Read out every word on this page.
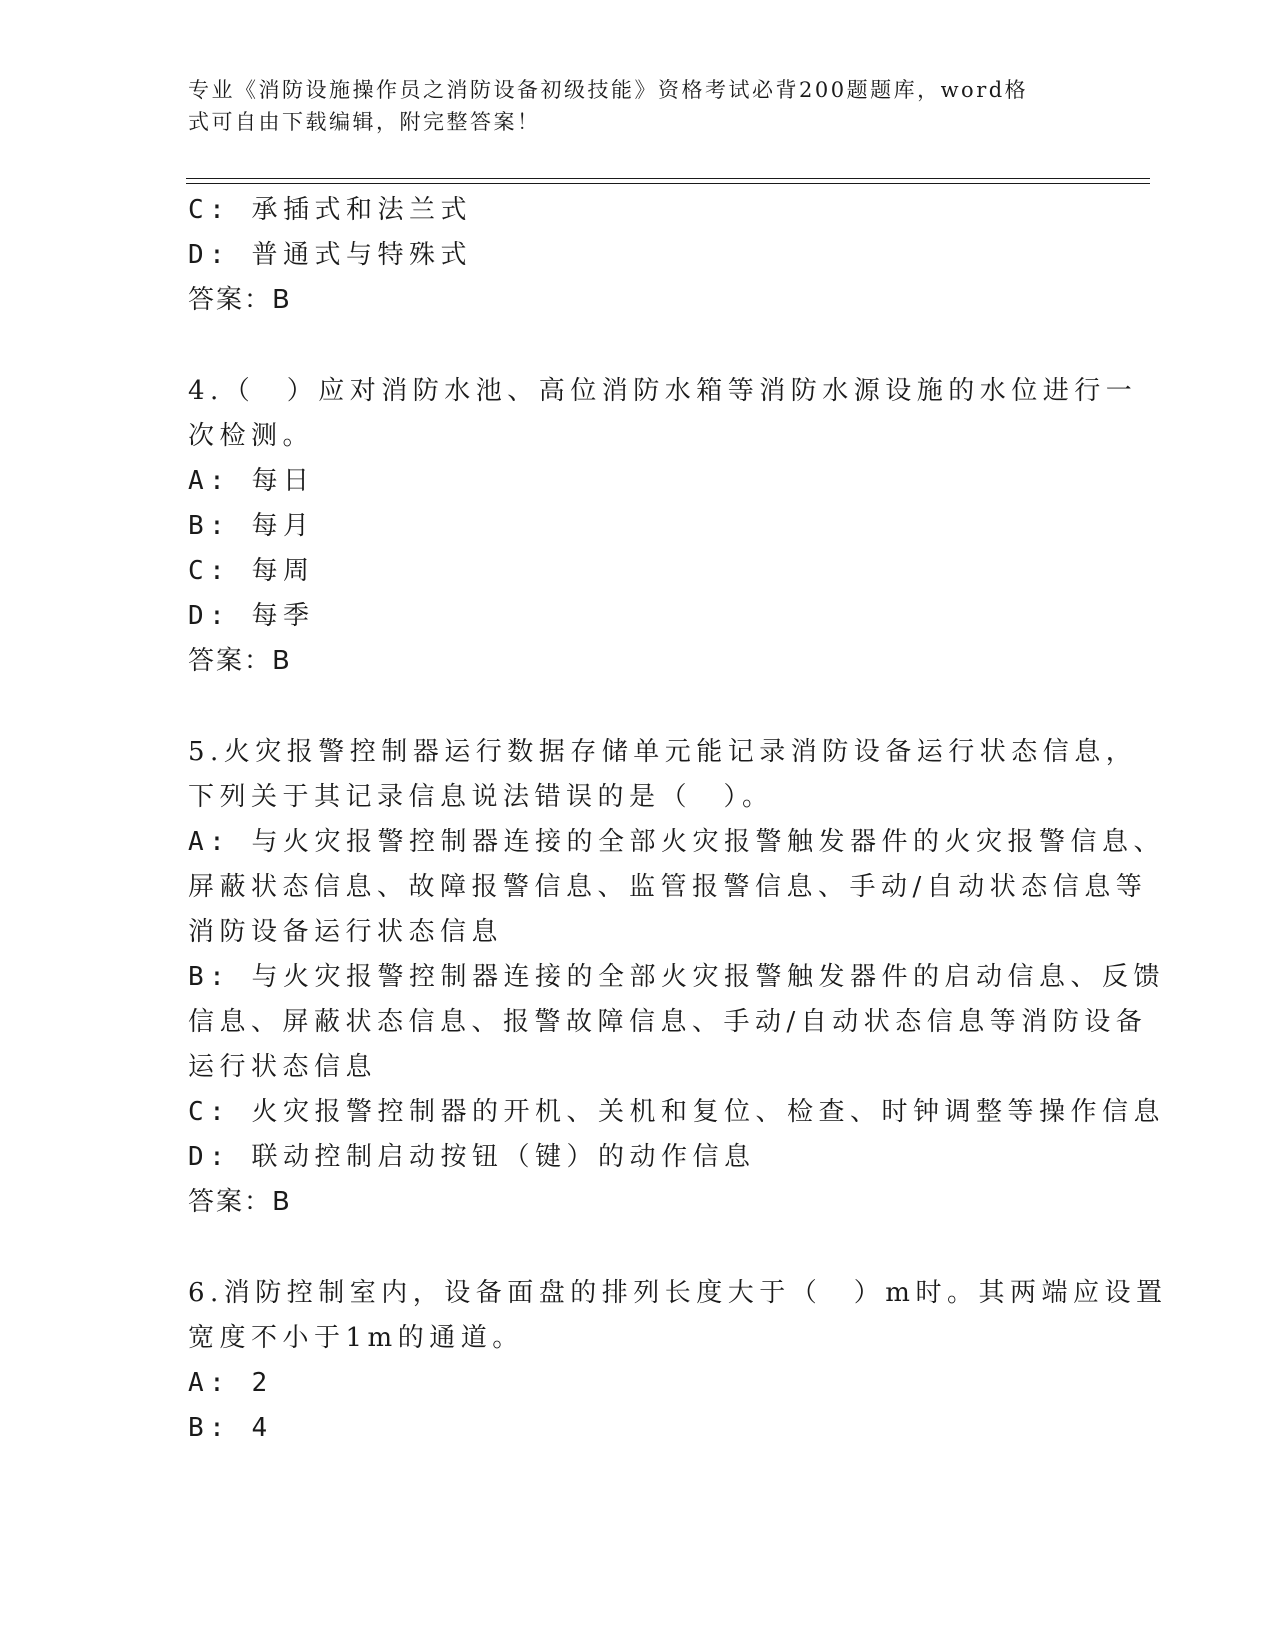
专业《消防设施操作员之消防设备初级技能》资格考试必背200题题库，word格
式可自由下载编辑，附完整答案！
C: 承插式和法兰式
D: 普通式与特殊式
答案：B
4.（　）应对消防水池、高位消防水箱等消防水源设施的水位进行一
次检测。
A: 每日
B: 每月
C: 每周
D: 每季
答案：B
5.火灾报警控制器运行数据存储单元能记录消防设备运行状态信息，
下列关于其记录信息说法错误的是（　）。
A: 与火灾报警控制器连接的全部火灾报警触发器件的火灾报警信息、
屏蔽状态信息、故障报警信息、监管报警信息、手动/自动状态信息等
消防设备运行状态信息
B: 与火灾报警控制器连接的全部火灾报警触发器件的启动信息、反馈
信息、屏蔽状态信息、报警故障信息、手动/自动状态信息等消防设备
运行状态信息
C: 火灾报警控制器的开机、关机和复位、检查、时钟调整等操作信息
D: 联动控制启动按钮（键）的动作信息
答案：B
6.消防控制室内，设备面盘的排列长度大于（　）m时。其两端应设置
宽度不小于1m的通道。
A: 2
B: 4
